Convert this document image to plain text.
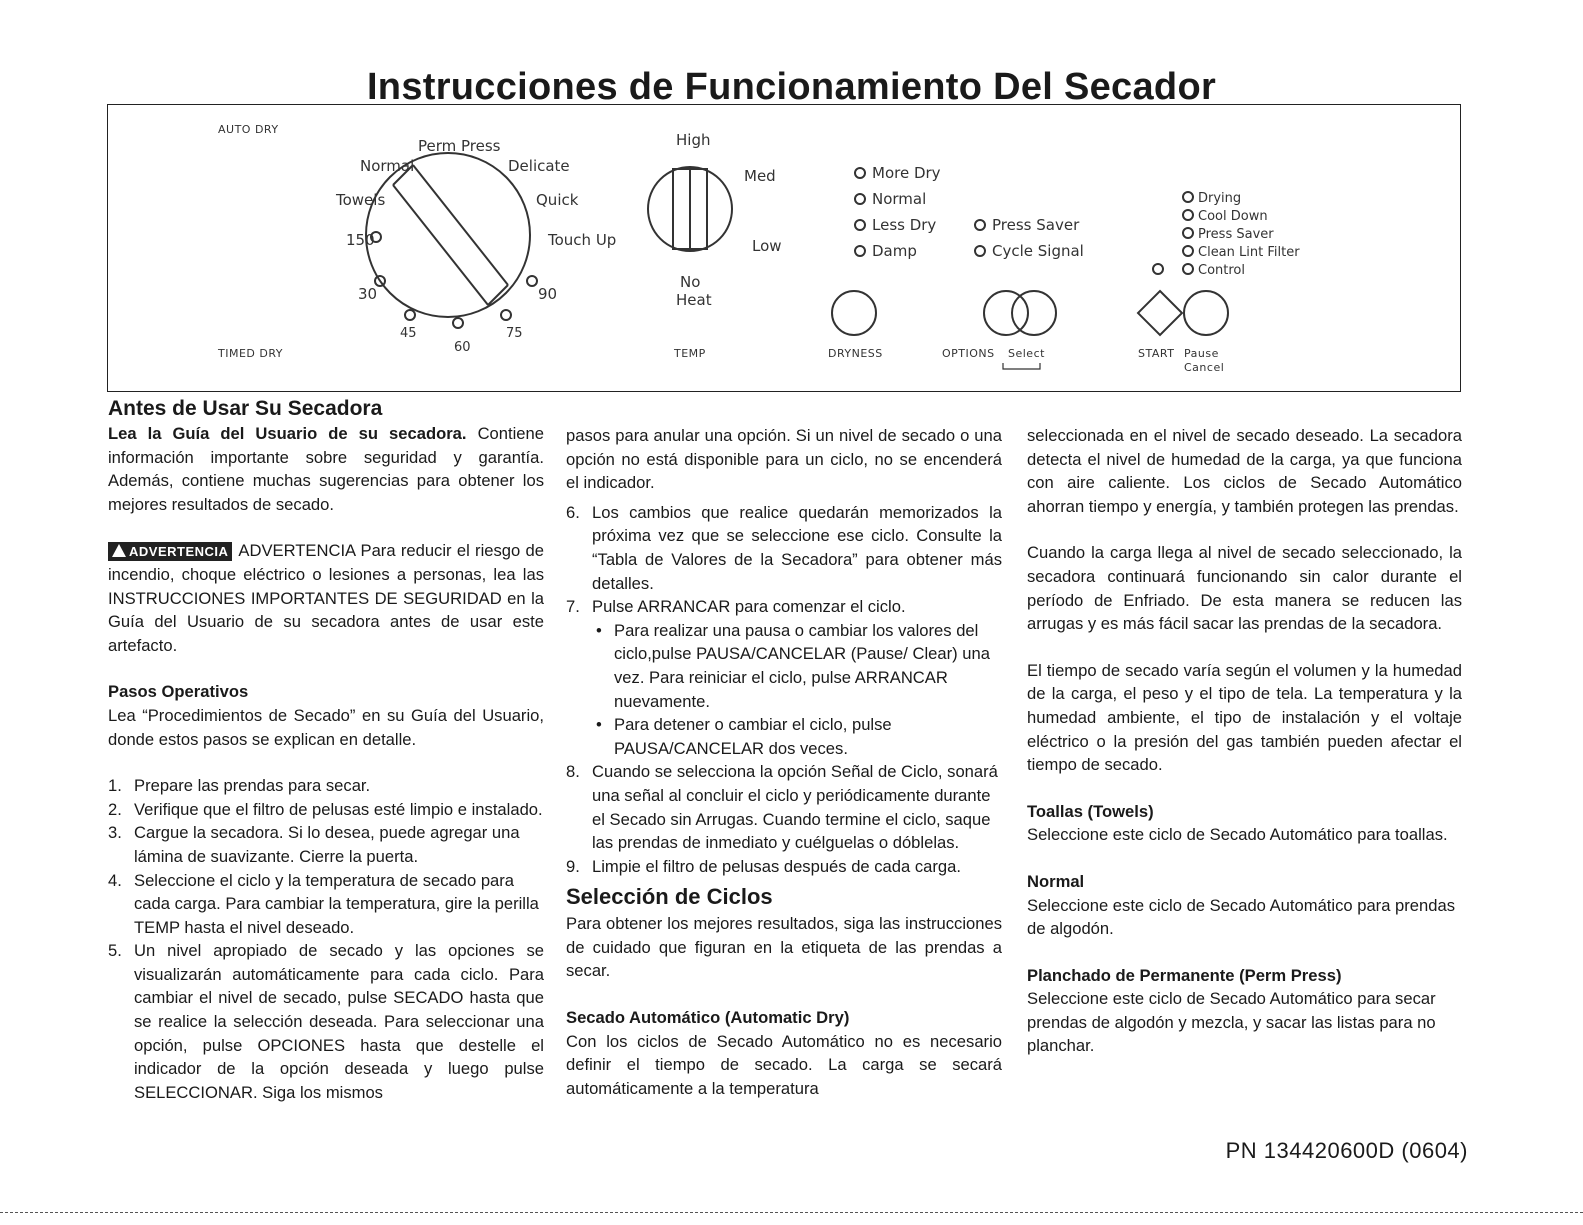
Instrucciones de Funcionamiento Del Secador
AUTO DRY
TIMED DRY
Perm Press
Normal	Delicate
Towels	Quick
Touch Up
150
30
45
60
75
90
High
Med
Low
No
Heat
TEMP
More Dry
Normal
Less Dry
Damp
Press Saver
Cycle Signal
DRYNESS	OPTIONS Select
Drying
Cool Down
Press Saver
Clean Lint Filter
Control
START Pause
Cancel

Antes de Usar Su Secadora

Lea la Guía del Usuario de su secadora. Contiene información importante sobre seguridad y garantía. Además, contiene muchas sugerencias para obtener los mejores resultados de secado.

ADVERTENCIA ADVERTENCIA Para reducir el riesgo de incendio, choque eléctrico o lesiones a personas, lea las INSTRUCCIONES IMPORTANTES DE SEGURIDAD en la Guía del Usuario de su secadora antes de usar este artefacto.

Pasos Operativos

Lea “Procedimientos de Secado” en su Guía del Usuario, donde estos pasos se explican en detalle.

1. Prepare las prendas para secar.
2. Verifique que el filtro de pelusas esté limpio e instalado.
3. Cargue la secadora. Si lo desea, puede agregar una lámina de suavizante. Cierre la puerta.
4. Seleccione el ciclo y la temperatura de secado para cada carga. Para cambiar la temperatura, gire la perilla TEMP hasta el nivel deseado.
5. Un nivel apropiado de secado y las opciones se visualizarán automáticamente para cada ciclo. Para cambiar el nivel de secado, pulse SECADO hasta que se realice la selección deseada. Para seleccionar una opción, pulse OPCIONES hasta que destelle el indicador de la opción deseada y luego pulse SELECCIONAR. Siga los mismos

pasos para anular una opción. Si un nivel de secado o una opción no está disponible para un ciclo, no se encenderá el indicador.

6. Los cambios que realice quedarán memorizados la próxima vez que se seleccione ese ciclo. Consulte la “Tabla de Valores de la Secadora” para obtener más detalles.
7. Pulse ARRANCAR para comenzar el ciclo.
• Para realizar una pausa o cambiar los valores del ciclo,pulse PAUSA/CANCELAR (Pause/ Clear) una vez. Para reiniciar el ciclo, pulse ARRANCAR nuevamente.
• Para detener o cambiar el ciclo, pulse PAUSA/CANCELAR dos veces.
8. Cuando se selecciona la opción Señal de Ciclo, sonará una señal al concluir el ciclo y periódicamente durante el Secado sin Arrugas. Cuando termine el ciclo, saque las prendas de inmediato y cuélguelas o dóblelas.
9. Limpie el filtro de pelusas después de cada carga.

Selección de Ciclos

Para obtener los mejores resultados, siga las instrucciones de cuidado que figuran en la etiqueta de las prendas a secar.

Secado Automático (Automatic Dry)

Con los ciclos de Secado Automático no es necesario definir el tiempo de secado. La carga se secará automáticamente a la temperatura

seleccionada en el nivel de secado deseado. La secadora detecta el nivel de humedad de la carga, ya que funciona con aire caliente. Los ciclos de Secado Automático ahorran tiempo y energía, y también protegen las prendas.

Cuando la carga llega al nivel de secado seleccionado, la secadora continuará funcionando sin calor durante el período de Enfriado. De esta manera se reducen las arrugas y es más fácil sacar las prendas de la secadora.

El tiempo de secado varía según el volumen y la humedad de la carga, el peso y el tipo de tela. La temperatura y la humedad ambiente, el tipo de instalación y el voltaje eléctrico o la presión del gas también pueden afectar el tiempo de secado.

Toallas (Towels)

Seleccione este ciclo de Secado Automático para toallas.

Normal

Seleccione este ciclo de Secado Automático para prendas de algodón.

Planchado de Permanente (Perm Press)

Seleccione este ciclo de Secado Automático para secar prendas de algodón y mezcla, y sacar las listas para no planchar.

PN 134420600D (0604)
